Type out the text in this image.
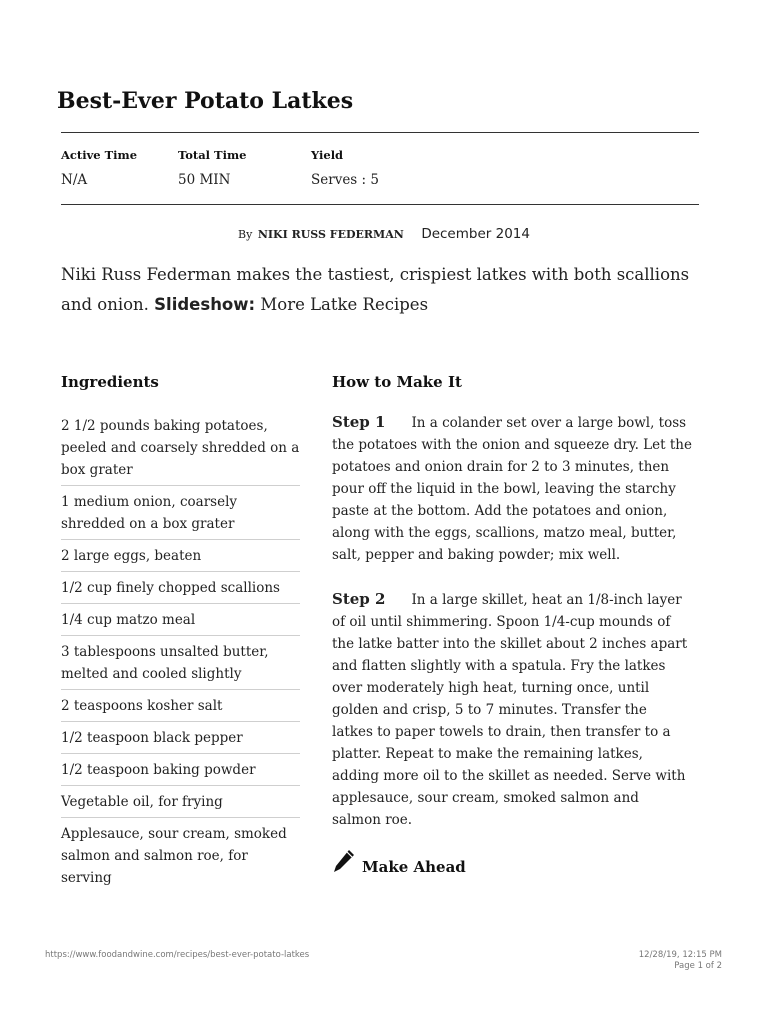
Best-Ever Potato Latkes
Active Time
N/A
Total Time
50 MIN
Yield
Serves : 5
By NIKI RUSS FEDERMAN December 2014
Niki Russ Federman makes the tastiest, crispiest latkes with both scallions and onion. Slideshow: More Latke Recipes
Ingredients	How to Make It
2 1/2 pounds baking potatoes, peeled and coarsely shredded on a box grater
1 medium onion, coarsely shredded on a box grater
2 large eggs, beaten
1/2 cup finely chopped scallions
1/4 cup matzo meal
3 tablespoons unsalted butter, melted and cooled slightly
2 teaspoons kosher salt
1/2 teaspoon black pepper
1/2 teaspoon baking powder
Vegetable oil, for frying
Applesauce, sour cream, smoked salmon and salmon roe, for serving
Step 1 In a colander set over a large bowl, toss the potatoes with the onion and squeeze dry. Let the potatoes and onion drain for 2 to 3 minutes, then pour off the liquid in the bowl, leaving the starchy paste at the bottom. Add the potatoes and onion, along with the eggs, scallions, matzo meal, butter, salt, pepper and baking powder; mix well.
Step 2 In a large skillet, heat an 1/8-inch layer of oil until shimmering. Spoon 1/4-cup mounds of the latke batter into the skillet about 2 inches apart and flatten slightly with a spatula. Fry the latkes over moderately high heat, turning once, until golden and crisp, 5 to 7 minutes. Transfer the latkes to paper towels to drain, then transfer to a platter. Repeat to make the remaining latkes, adding more oil to the skillet as needed. Serve with applesauce, sour cream, smoked salmon and salmon roe.
Make Ahead
https://www.foodandwine.com/recipes/best-ever-potato-latkes	12/28/19, 12:15 PM
Page 1 of 2
